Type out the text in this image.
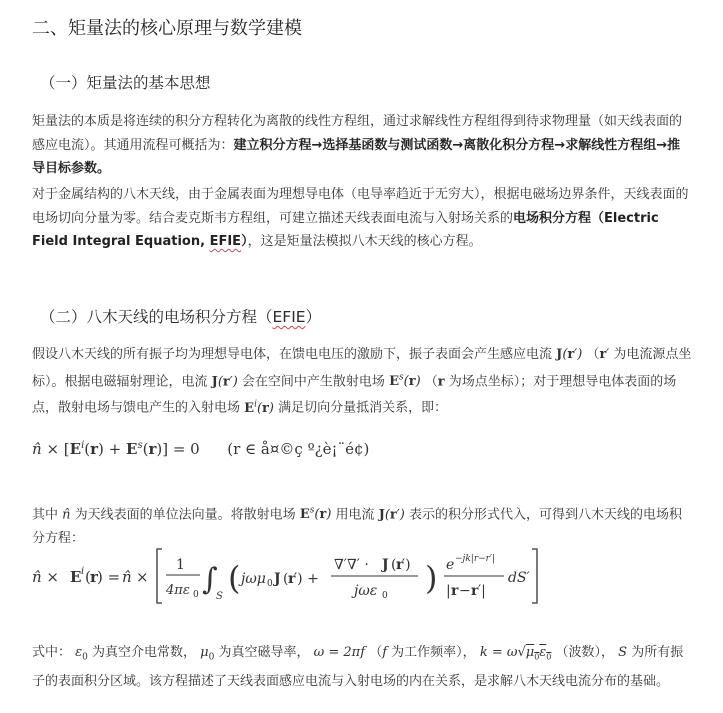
二、矩量法的核心原理与数学建模
（一）矩量法的基本思想
矩量法的本质是将连续的积分方程转化为离散的线性方程组，通过求解线性方程组得到待求物理量（如天线表面的感应电流）。其通用流程可概括为：建立积分方程→选择基函数与测试函数→离散化积分方程→求解线性方程组→推导目标参数。
对于金属结构的八木天线，由于金属表面为理想导电体（电导率趋近于无穷大），根据电磁场边界条件，天线表面的电场切向分量为零。结合麦克斯韦方程组，可建立描述天线表面电流与入射场关系的电场积分方程（Electric Field Integral Equation, EFIE），这是矩量法模拟八木天线的核心方程。
（二）八木天线的电场积分方程（EFIE）
假设八木天线的所有振子均为理想导电体，在馈电电压的激励下，振子表面会产生感应电流 J(r′) （r′ 为电流源点坐标）。根据电磁辐射理论，电流 J(r′) 会在空间中产生散射电场 $E^s(r)$ （r 为场点坐标）；对于理想导电体表面的场点，散射电场与馈电产生的入射电场 $E^i(r)$ 满足切向分量抵消关系，即：
n̂ × $[E^i(r) + E^s(r)] = 0$  (r ∈ å¤©ç º¿è¡¨é¢)
其中 n̂ 为天线表面的单位法向量。将散射电场 $E^s(r)$ 用电流 J(r′) 表示的积分形式代入，可得到八木天线的电场积分方程：
n̂ × E i ( r ) = n̂ ×
1
4πε 0 ∫
S ( jωμ 0 J ( r
′) +
∇′∇′ · J ( r
′)
jωε 0 ) e −jk|r−r′|
| r − r ′|
dS′
式中： $\varepsilon_0$ 为真空介电常数， $\mu_0$ 为真空磁导率， ω = 2πf （f 为工作频率）， $k = \omega√\mu_0\varepsilon_0$ （波数）， S 为所有振子的表面积分区域。该方程描述了天线表面感应电流与入射电场的内在关系，是求解八木天线电流分布的基础。
